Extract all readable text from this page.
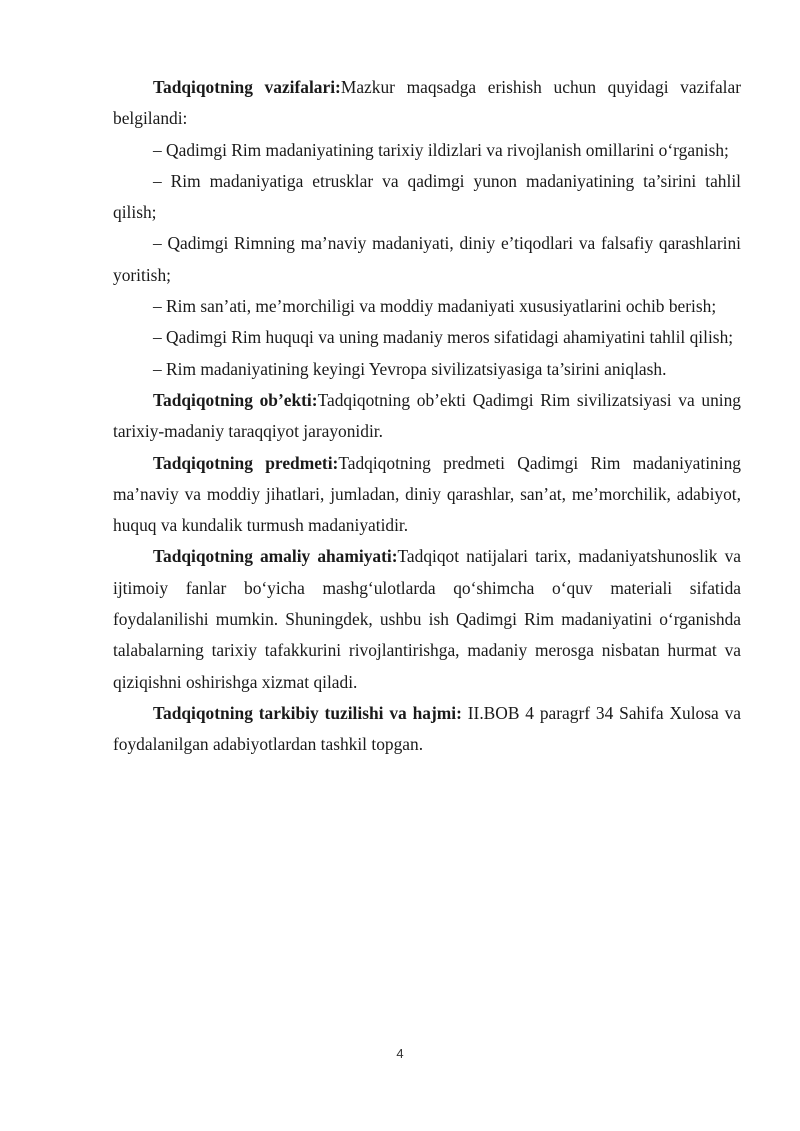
Tadqiqotning vazifalari:Mazkur maqsadga erishish uchun quyidagi vazifalar belgilandi:

– Qadimgi Rim madaniyatining tarixiy ildizlari va rivojlanish omillarini o‘rganish;

– Rim madaniyatiga etrusklar va qadimgi yunon madaniyatining ta’sirini tahlil qilish;

– Qadimgi Rimning ma’naviy madaniyati, diniy e’tiqodlari va falsafiy qarashlarini yoritish;

– Rim san’ati, me’morchiligi va moddiy madaniyati xususiyatlarini ochib berish;

– Qadimgi Rim huquqi va uning madaniy meros sifatidagi ahamiyatini tahlil qilish;

– Rim madaniyatining keyingi Yevropa sivilizatsiyasiga ta’sirini aniqlash.

Tadqiqotning ob’ekti:Tadqiqotning ob’ekti Qadimgi Rim sivilizatsiyasi va uning tarixiy-madaniy taraqqiyot jarayonidir.

Tadqiqotning predmeti:Tadqiqotning predmeti Qadimgi Rim madaniyatining ma’naviy va moddiy jihatlari, jumladan, diniy qarashlar, san’at, me’morchilik, adabiyot, huquq va kundalik turmush madaniyatidir.

Tadqiqotning amaliy ahamiyati:Tadqiqot natijalari tarix, madaniyatshunoslik va ijtimoiy fanlar bo‘yicha mashg‘ulotlarda qo‘shimcha o‘quv materiali sifatida foydalanilishi mumkin. Shuningdek, ushbu ish Qadimgi Rim madaniyatini o‘rganishda talabalarning tarixiy tafakkurini rivojlantirishga, madaniy merosga nisbatan hurmat va qiziqishni oshirishga xizmat qiladi.

Tadqiqotning tarkibiy tuzilishi va hajmi: II.BOB 4 paragrf 34 Sahifa Xulosa va foydalanilgan adabiyotlardan tashkil topgan.

4
